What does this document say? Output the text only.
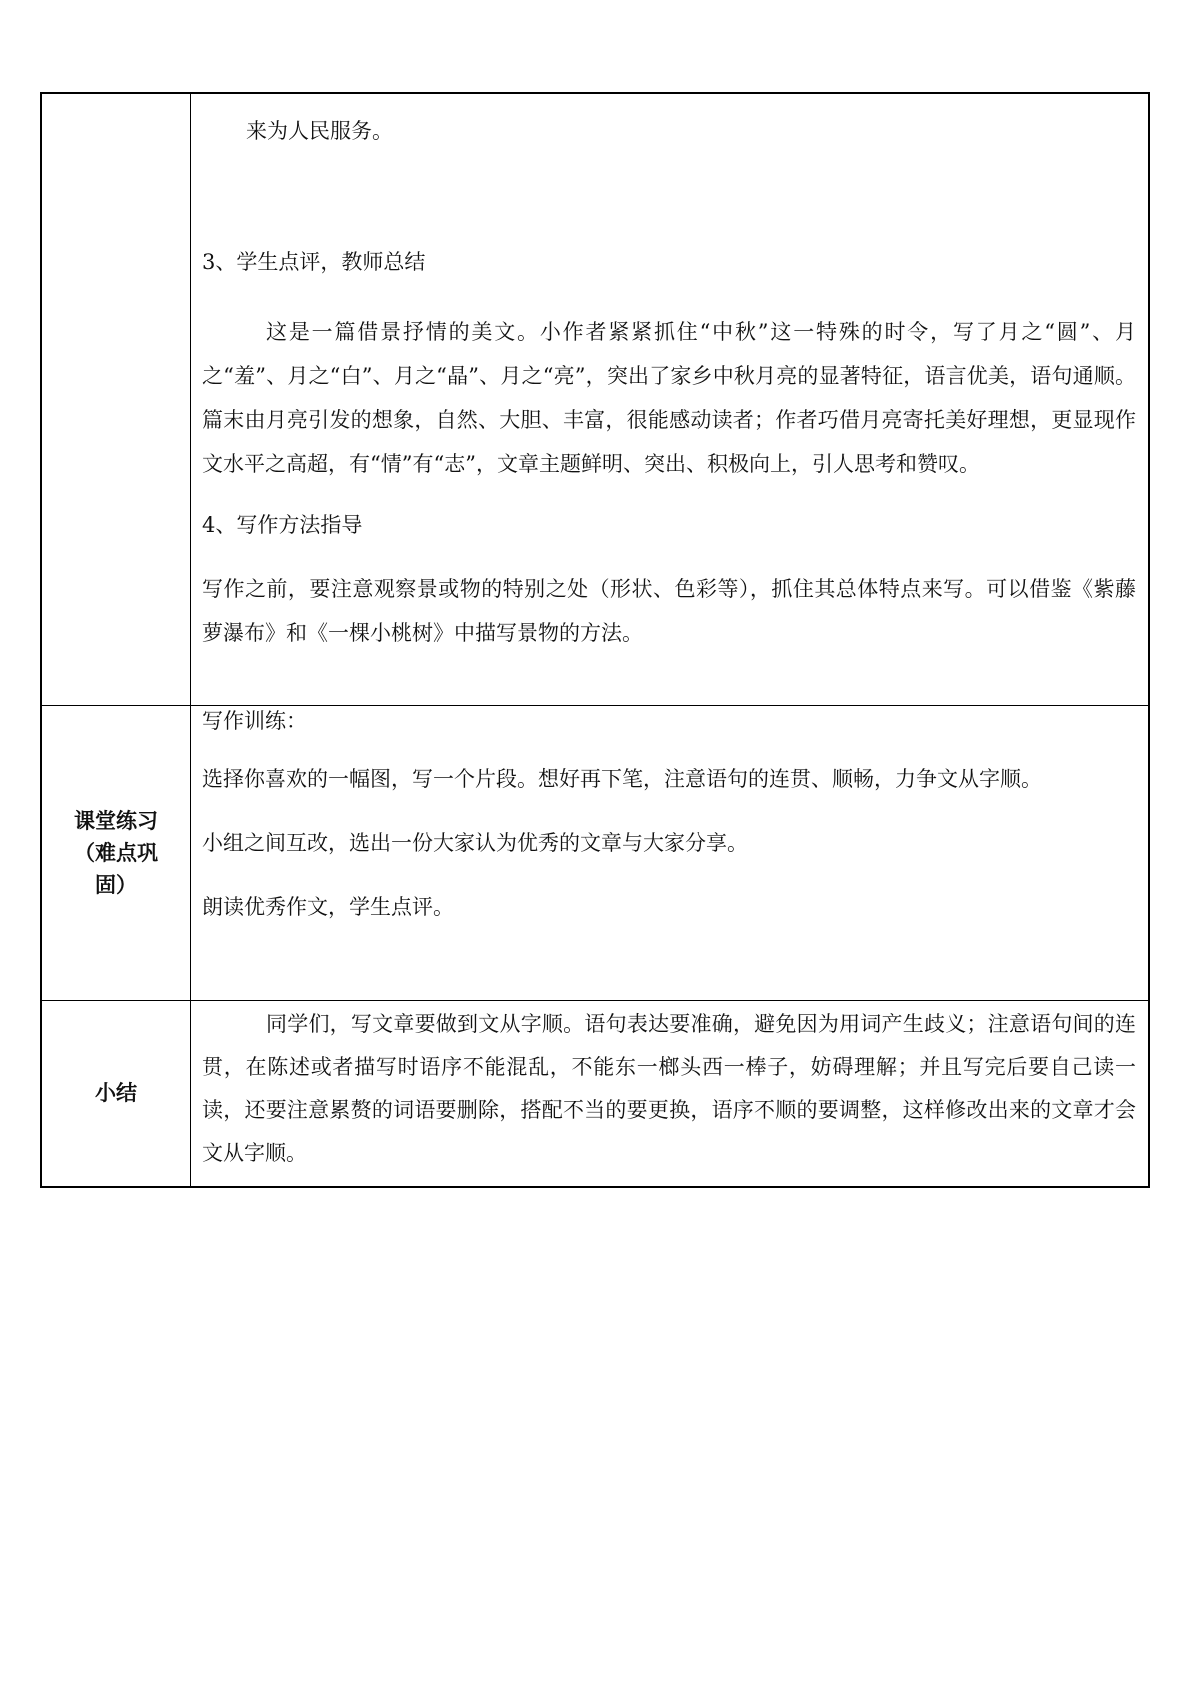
	来为人民服务。

3、学生点评，教师总结

这是一篇借景抒情的美文。小作者紧紧抓住“中秋”这一特殊的时令，写了月之“圆”、月之“羞”、月之“白”、月之“晶”、月之“亮”，突出了家乡中秋月亮的显著特征，语言优美，语句通顺。篇末由月亮引发的想象，自然、大胆、丰富，很能感动读者；作者巧借月亮寄托美好理想，更显现作文水平之高超，有“情”有“志”，文章主题鲜明、突出、积极向上，引人思考和赞叹。

4、写作方法指导

写作之前，要注意观察景或物的特别之处（形状、色彩等），抓住其总体特点来写。可以借鉴《紫藤萝瀑布》和《一棵小桃树》中描写景物的方法。

课堂练习（难点巩固）	写作训练：

选择你喜欢的一幅图，写一个片段。想好再下笔，注意语句的连贯、顺畅，力争文从字顺。

小组之间互改，选出一份大家认为优秀的文章与大家分享。

朗读优秀作文，学生点评。

小结	同学们，写文章要做到文从字顺。语句表达要准确，避免因为用词产生歧义；注意语句间的连贯，在陈述或者描写时语序不能混乱，不能东一榔头西一棒子，妨碍理解；并且写完后要自己读一读，还要注意累赘的词语要删除，搭配不当的要更换，语序不顺的要调整，这样修改出来的文章才会文从字顺。
